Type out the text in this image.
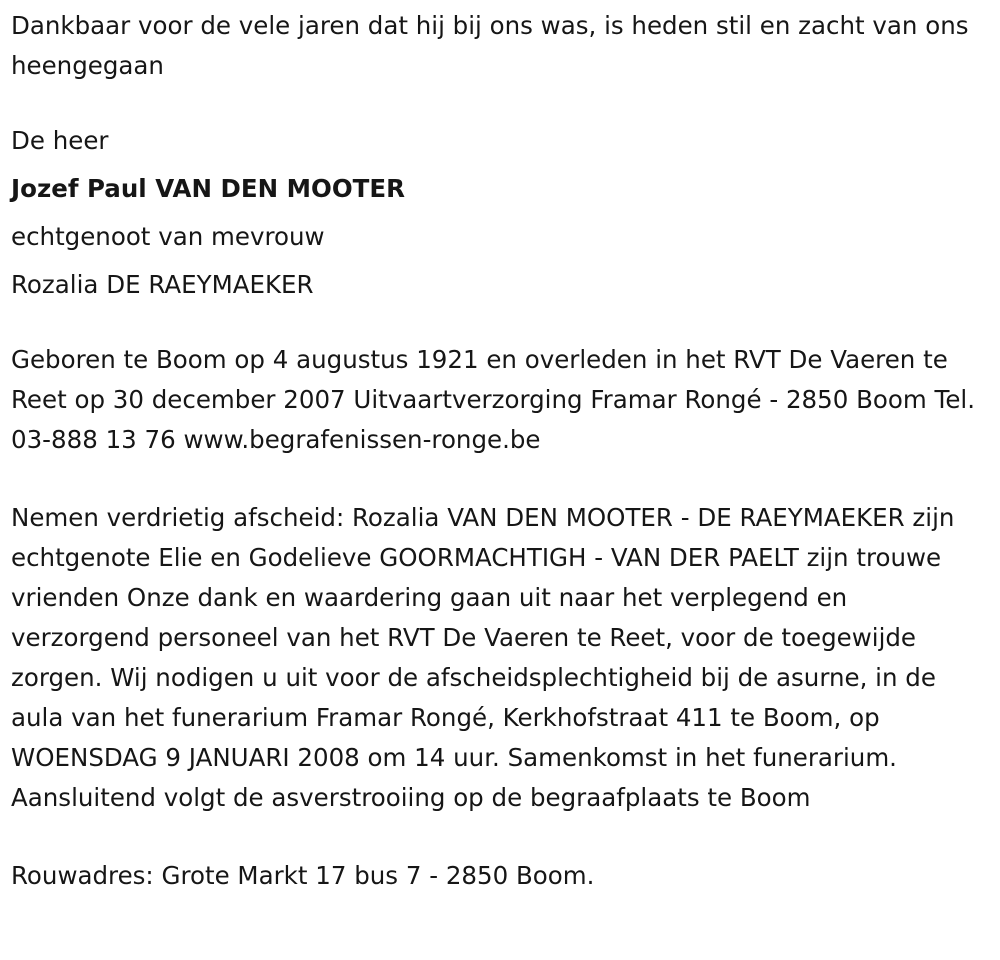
Dankbaar voor de vele jaren dat hij bij ons was, is heden stil en zacht van ons heengegaan

De heer
Jozef Paul VAN DEN MOOTER
echtgenoot van mevrouw
Rozalia DE RAEYMAEKER

Geboren te Boom op 4 augustus 1921 en overleden in het RVT De Vaeren te Reet op 30 december 2007 Uitvaartverzorging Framar Rongé - 2850 Boom Tel. 03-888 13 76 www.begrafenissen-ronge.be

Nemen verdrietig afscheid: Rozalia VAN DEN MOOTER - DE RAEYMAEKER zijn echtgenote Elie en Godelieve GOORMACHTIGH - VAN DER PAELT zijn trouwe vrienden Onze dank en waardering gaan uit naar het verplegend en verzorgend personeel van het RVT De Vaeren te Reet, voor de toegewijde zorgen. Wij nodigen u uit voor de afscheidsplechtigheid bij de asurne, in de aula van het funerarium Framar Rongé, Kerkhofstraat 411 te Boom, op WOENSDAG 9 JANUARI 2008 om 14 uur. Samenkomst in het funerarium. Aansluitend volgt de asverstrooiing op de begraafplaats te Boom

Rouwadres: Grote Markt 17 bus 7 - 2850 Boom.
